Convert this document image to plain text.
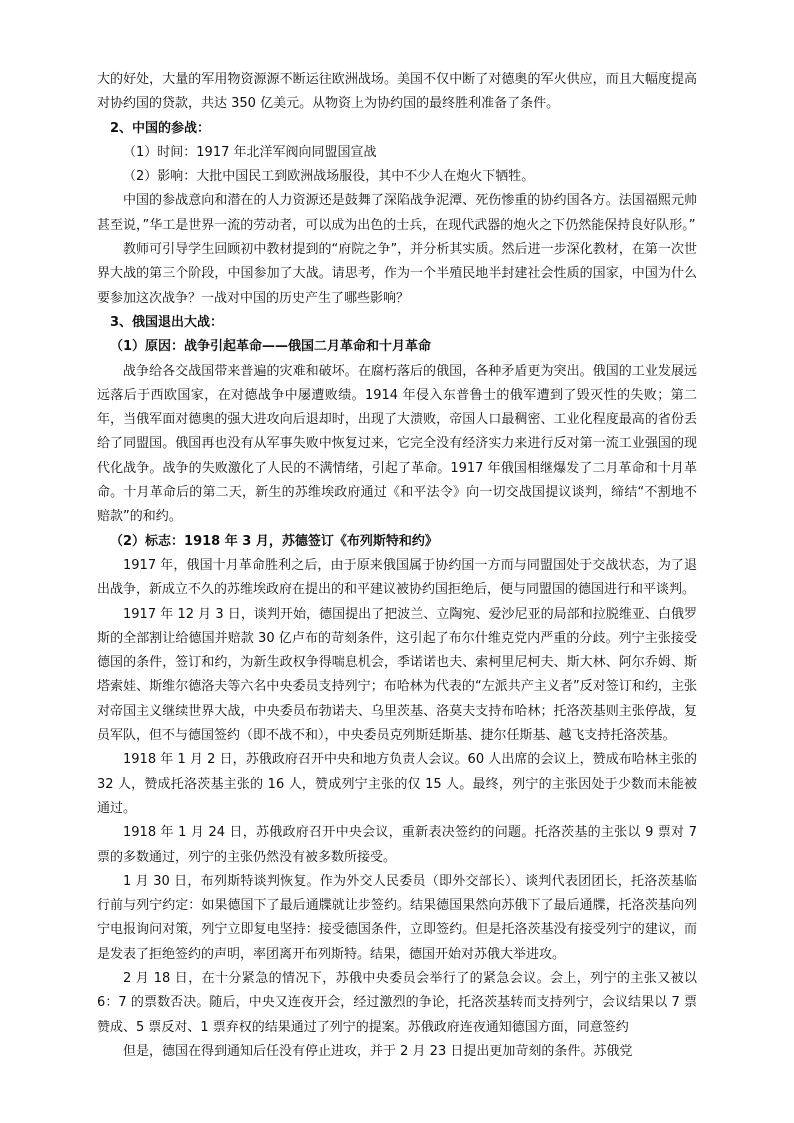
大的好处，大量的军用物资源源不断运往欧洲战场。美国不仅中断了对德奥的军火供应，而且大幅度提高对协约国的贷款，共达 350 亿美元。从物资上为协约国的最终胜利准备了条件。

2、中国的参战：

（1）时间：1917 年北洋军阀向同盟国宣战

（2）影响：大批中国民工到欧洲战场服役，其中不少人在炮火下牺牲。

中国的参战意向和潜在的人力资源还是鼓舞了深陷战争泥潭、死伤惨重的协约国各方。法国福熙元帅甚至说，”华工是世界一流的劳动者，可以成为出色的士兵，在现代武器的炮火之下仍然能保持良好队形。”

教师可引导学生回顾初中教材提到的“府院之争”，并分析其实质。然后进一步深化教材，在第一次世界大战的第三个阶段，中国参加了大战。请思考，作为一个半殖民地半封建社会性质的国家，中国为什么要参加这次战争？一战对中国的历史产生了哪些影响？

3、俄国退出大战：

（1）原因：战争引起革命——俄国二月革命和十月革命

战争给各交战国带来普遍的灾难和破坏。在腐朽落后的俄国，各种矛盾更为突出。俄国的工业发展远远落后于西欧国家，在对德战争中屡遭败绩。1914 年侵入东普鲁士的俄军遭到了毁灭性的失败；第二年，当俄军面对德奥的强大进攻向后退却时，出现了大溃败，帝国人口最稠密、工业化程度最高的省份丢给了同盟国。俄国再也没有从军事失败中恢复过来，它完全没有经济实力来进行反对第一流工业强国的现代化战争。战争的失败激化了人民的不满情绪，引起了革命。1917 年俄国相继爆发了二月革命和十月革命。十月革命后的第二天，新生的苏维埃政府通过《和平法令》向一切交战国提议谈判，缔结“不割地不赔款”的和约。

（2）标志：1918 年 3 月，苏德签订《布列斯特和约》

1917 年，俄国十月革命胜利之后，由于原来俄国属于协约国一方而与同盟国处于交战状态，为了退出战争，新成立不久的苏维埃政府在提出的和平建议被协约国拒绝后，便与同盟国的德国进行和平谈判。

1917 年 12 月 3 日，谈判开始，德国提出了把波兰、立陶宛、爱沙尼亚的局部和拉脱维亚、白俄罗斯的全部割让给德国并赔款 30 亿卢布的苛刻条件，这引起了布尔什维克党内严重的分歧。列宁主张接受德国的条件，签订和约，为新生政权争得喘息机会，季诺诺也夫、索柯里尼柯夫、斯大林、阿尔乔姆、斯塔索娃、斯维尔德洛夫等六名中央委员支持列宁；布哈林为代表的“左派共产主义者”反对签订和约，主张对帝国主义继续世界大战，中央委员布勃诺夫、乌里茨基、洛莫夫支持布哈林；托洛茨基则主张停战，复员军队，但不与德国签约（即不战不和），中央委员克列斯廷斯基、捷尔任斯基、越飞支持托洛茨基。

1918 年 1 月 2 日，苏俄政府召开中央和地方负责人会议。60 人出席的会议上，赞成布哈林主张的 32 人，赞成托洛茨基主张的 16 人，赞成列宁主张的仅 15 人。最终，列宁的主张因处于少数而未能被通过。

1918 年 1 月 24 日，苏俄政府召开中央会议，重新表决签约的问题。托洛茨基的主张以 9 票对 7 票的多数通过，列宁的主张仍然没有被多数所接受。

1 月 30 日，布列斯特谈判恢复。作为外交人民委员（即外交部长）、谈判代表团团长，托洛茨基临行前与列宁约定：如果德国下了最后通牒就让步签约。结果德国果然向苏俄下了最后通牒，托洛茨基向列宁电报询问对策，列宁立即复电坚持：接受德国条件，立即签约。但是托洛茨基没有接受列宁的建议，而是发表了拒绝签约的声明，率团离开布列斯特。结果，德国开始对苏俄大举进攻。

2 月 18 日，在十分紧急的情况下，苏俄中央委员会举行了的紧急会议。会上，列宁的主张又被以 6：7 的票数否决。随后，中央又连夜开会，经过激烈的争论，托洛茨基转而支持列宁，会议结果以 7 票赞成、5 票反对、1 票弃权的结果通过了列宁的提案。苏俄政府连夜通知德国方面，同意签约

但是，德国在得到通知后任没有停止进攻，并于 2 月 23 日提出更加苛刻的条件。苏俄党
